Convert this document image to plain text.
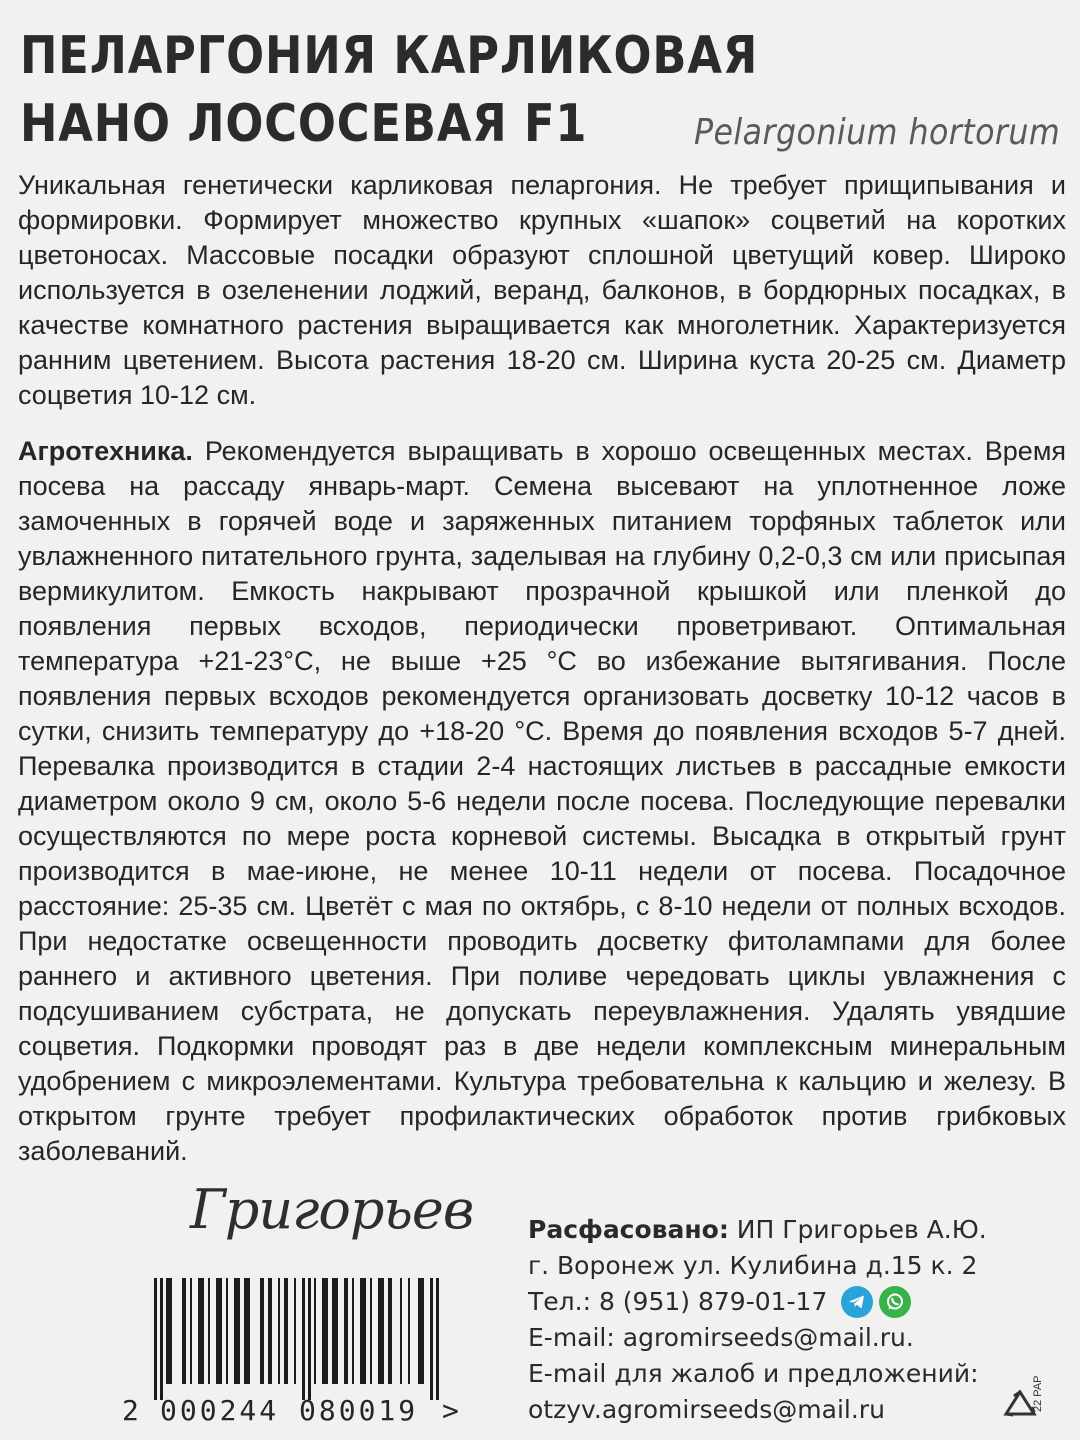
ПЕЛАРГОНИЯ КАРЛИКОВАЯ
НАНО ЛОСОСЕВАЯ F1	Pelargonium hortorum
Уникальная генетически карликовая пеларгония. Не требует прищипывания и формировки. Формирует множество крупных «шапок» соцветий на коротких цветоносах. Массовые посадки образуют сплошной цветущий ковер. Широко используется в озеленении лоджий, веранд, балконов, в бордюрных посадках, в качестве комнатного растения выращивается как многолетник. Характеризуется ранним цветением. Высота растения 18-20 см. Ширина куста 20-25 см. Диаметр соцветия 10-12 см.
Агротехника. Рекомендуется выращивать в хорошо освещенных местах. Время посева на рассаду январь-март. Семена высевают на уплотненное ложе замоченных в горячей воде и заряженных питанием торфяных таблеток или увлажненного питательного грунта, заделывая на глубину 0,2-0,3 см или присыпая вермикулитом. Емкость накрывают прозрачной крышкой или пленкой до появления первых всходов, периодически проветривают. Оптимальная температура +21-23°С, не выше +25 °С во избежание вытягивания. После появления первых всходов рекомендуется организовать досветку 10-12 часов в сутки, снизить температуру до +18-20 °С. Время до появления всходов 5-7 дней. Перевалка производится в стадии 2-4 настоящих листьев в рассадные емкости диаметром около 9 см, около 5-6 недели после посева. Последующие перевалки осуществляются по мере роста корневой системы. Высадка в открытый грунт производится в мае-июне, не менее 10-11 недели от посева. Посадочное расстояние: 25-35 см. Цветёт с мая по октябрь, с 8-10 недели от полных всходов. При недостатке освещенности проводить досветку фитолампами для более раннего и активного цветения. При поливе чередовать циклы увлажнения с подсушиванием субстрата, не допускать переувлажнения. Удалять увядшие соцветия. Подкормки проводят раз в две недели комплексным минеральным удобрением с микроэлементами. Культура требовательна к кальцию и железу. В открытом грунте требует профилактических обработок против грибковых заболеваний.
Григорьев
2 000244 080019 >
Расфасовано: ИП Григорьев А.Ю.
г. Воронеж ул. Кулибина д.15 к. 2
Тел.: 8 (951) 879-01-17
E-mail: agromirseeds@mail.ru.
E-mail для жалоб и предложений:
otzyv.agromirseeds@mail.ru	22 PAP
